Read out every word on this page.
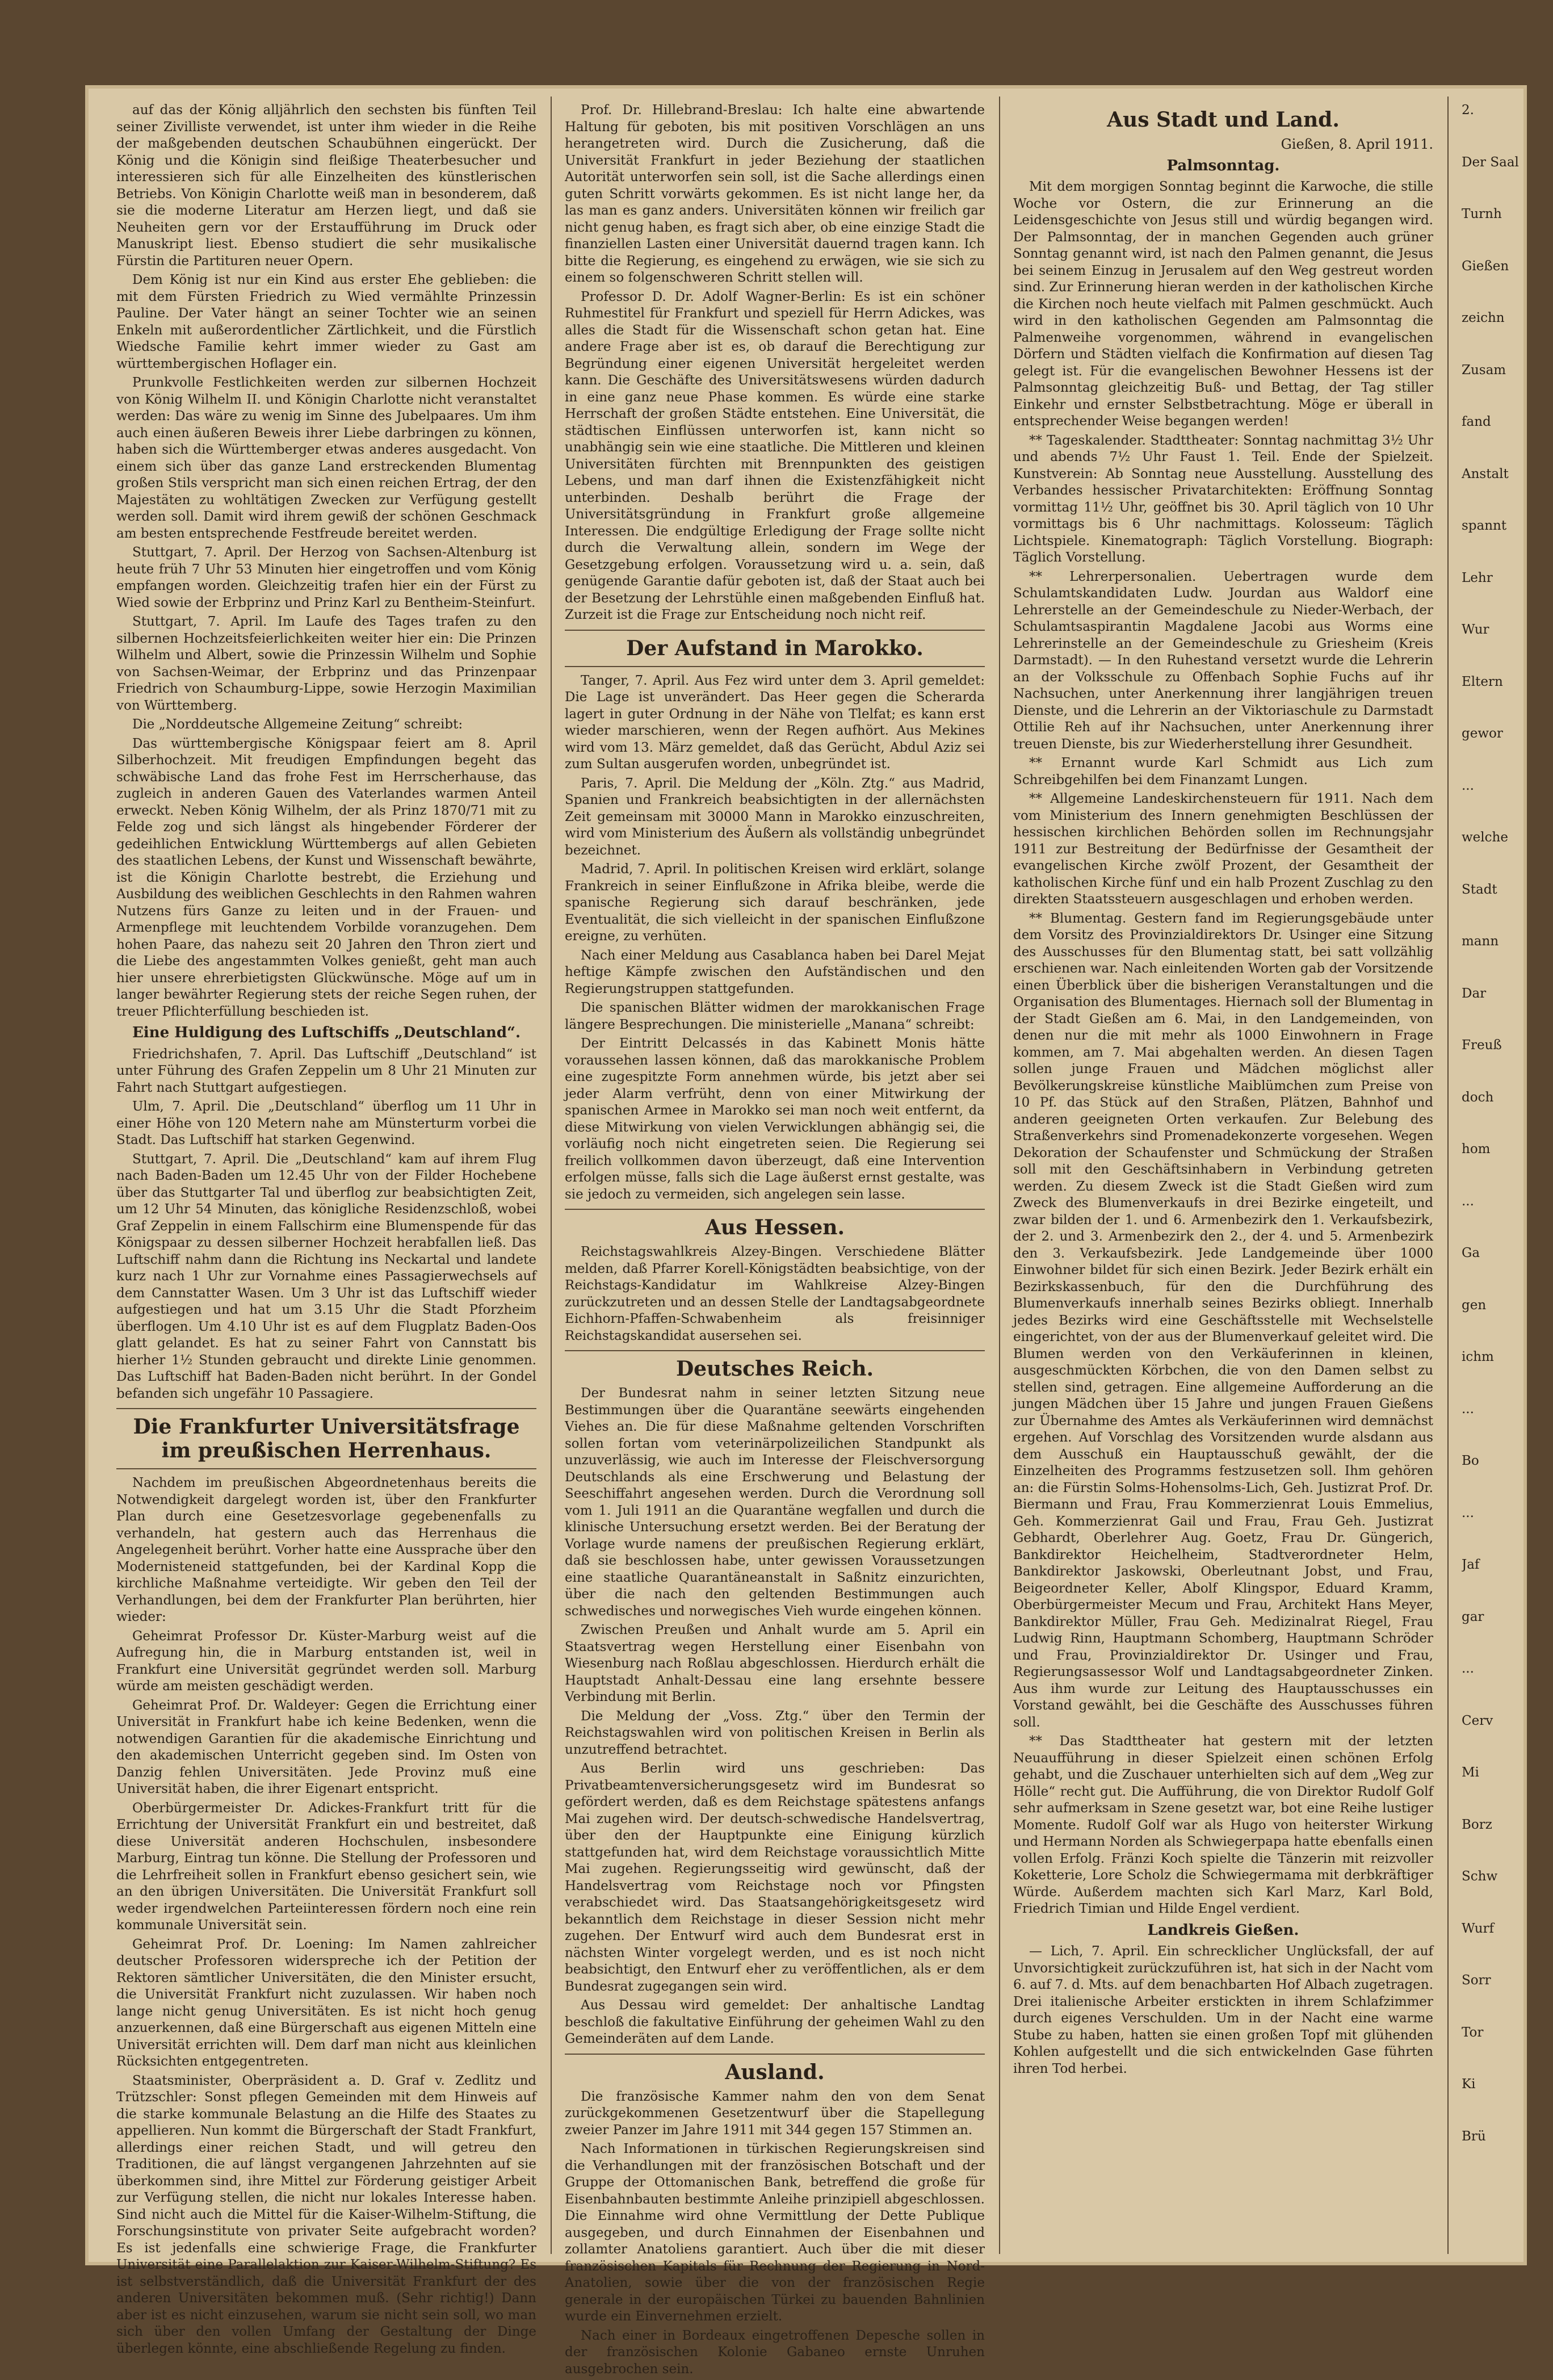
auf das der König alljährlich den sechsten bis fünften Teil seiner Zivilliste verwendet, ist unter ihm wieder in die Reihe der maßgebenden deutschen Schaubühnen eingerückt. Der König und die Königin sind fleißige Theaterbesucher und interessieren sich für alle Einzelheiten des künstlerischen Betriebs. Von Königin Charlotte weiß man in besonderem, daß sie die moderne Literatur am Herzen liegt, und daß sie Neuheiten gern vor der Erstaufführung im Druck oder Manuskript liest. Ebenso studiert die sehr musikalische Fürstin die Partituren neuer Opern.

Dem König ist nur ein Kind aus erster Ehe geblieben: die mit dem Fürsten Friedrich zu Wied vermählte Prinzessin Pauline. Der Vater hängt an seiner Tochter wie an seinen Enkeln mit außerordentlicher Zärtlichkeit, und die Fürstlich Wiedsche Familie kehrt immer wieder zu Gast am württembergischen Hoflager ein.

Prunkvolle Festlichkeiten werden zur silbernen Hochzeit von König Wilhelm II. und Königin Charlotte nicht veranstaltet werden: Das wäre zu wenig im Sinne des Jubelpaares. Um ihm auch einen äußeren Beweis ihrer Liebe darbringen zu können, haben sich die Württemberger etwas anderes ausgedacht. Von einem sich über das ganze Land erstreckenden Blumentag großen Stils verspricht man sich einen reichen Ertrag, der den Majestäten zu wohltätigen Zwecken zur Verfügung gestellt werden soll. Damit wird ihrem gewiß der schönen Geschmack am besten entsprechende Festfreude bereitet werden.

Stuttgart, 7. April. Der Herzog von Sachsen-Altenburg ist heute früh 7 Uhr 53 Minuten hier eingetroffen und vom König empfangen worden. Gleichzeitig trafen hier ein der Fürst zu Wied sowie der Erbprinz und Prinz Karl zu Bentheim-Steinfurt.

Stuttgart, 7. April. Im Laufe des Tages trafen zu den silbernen Hochzeitsfeierlichkeiten weiter hier ein: Die Prinzen Wilhelm und Albert, sowie die Prinzessin Wilhelm und Sophie von Sachsen-Weimar, der Erbprinz und das Prinzenpaar Friedrich von Schaumburg-Lippe, sowie Herzogin Maximilian von Württemberg.

Die „Norddeutsche Allgemeine Zeitung“ schreibt:

Das württembergische Königspaar feiert am 8. April Silberhochzeit. Mit freudigen Empfindungen begeht das schwäbische Land das frohe Fest im Herrscherhause, das zugleich in anderen Gauen des Vaterlandes warmen Anteil erweckt. Neben König Wilhelm, der als Prinz 1870/71 mit zu Felde zog und sich längst als hingebender Förderer der gedeihlichen Entwicklung Württembergs auf allen Gebieten des staatlichen Lebens, der Kunst und Wissenschaft bewährte, ist die Königin Charlotte bestrebt, die Erziehung und Ausbildung des weiblichen Geschlechts in den Rahmen wahren Nutzens fürs Ganze zu leiten und in der Frauen- und Armenpflege mit leuchtendem Vorbilde voranzugehen. Dem hohen Paare, das nahezu seit 20 Jahren den Thron ziert und die Liebe des angestammten Volkes genießt, geht man auch hier unsere ehrerbietigsten Glückwünsche. Möge auf um in langer bewährter Regierung stets der reiche Segen ruhen, der treuer Pflichterfüllung beschieden ist.

Eine Huldigung des Luftschiffs „Deutschland“.

Friedrichshafen, 7. April. Das Luftschiff „Deutschland“ ist unter Führung des Grafen Zeppelin um 8 Uhr 21 Minuten zur Fahrt nach Stuttgart aufgestiegen.

Ulm, 7. April. Die „Deutschland“ überflog um 11 Uhr in einer Höhe von 120 Metern nahe am Münsterturm vorbei die Stadt. Das Luftschiff hat starken Gegenwind.

Stuttgart, 7. April. Die „Deutschland“ kam auf ihrem Flug nach Baden-Baden um 12.45 Uhr von der Filder Hochebene über das Stuttgarter Tal und überflog zur beabsichtigten Zeit, um 12 Uhr 54 Minuten, das königliche Residenzschloß, wobei Graf Zeppelin in einem Fallschirm eine Blumenspende für das Königspaar zu dessen silberner Hochzeit herabfallen ließ. Das Luftschiff nahm dann die Richtung ins Neckartal und landete kurz nach 1 Uhr zur Vornahme eines Passagierwechsels auf dem Cannstatter Wasen. Um 3 Uhr ist das Luftschiff wieder aufgestiegen und hat um 3.15 Uhr die Stadt Pforzheim überflogen. Um 4.10 Uhr ist es auf dem Flugplatz Baden-Oos glatt gelandet. Es hat zu seiner Fahrt von Cannstatt bis hierher 1½ Stunden gebraucht und direkte Linie genommen. Das Luftschiff hat Baden-Baden nicht berührt. In der Gondel befanden sich ungefähr 10 Passagiere.

Die Frankfurter Universitätsfrage im preußischen Herrenhaus.

Nachdem im preußischen Abgeordnetenhaus bereits die Notwendigkeit dargelegt worden ist, über den Frankfurter Plan durch eine Gesetzesvorlage gegebenenfalls zu verhandeln, hat gestern auch das Herrenhaus die Angelegenheit berührt. Vorher hatte eine Aussprache über den Modernisteneid stattgefunden, bei der Kardinal Kopp die kirchliche Maßnahme verteidigte. Wir geben den Teil der Verhandlungen, bei dem der Frankfurter Plan berührten, hier wieder:

Geheimrat Professor Dr. Küster-Marburg weist auf die Aufregung hin, die in Marburg entstanden ist, weil in Frankfurt eine Universität gegründet werden soll. Marburg würde am meisten geschädigt werden.

Geheimrat Prof. Dr. Waldeyer: Gegen die Errichtung einer Universität in Frankfurt habe ich keine Bedenken, wenn die notwendigen Garantien für die akademische Einrichtung und den akademischen Unterricht gegeben sind. Im Osten von Danzig fehlen Universitäten. Jede Provinz muß eine Universität haben, die ihrer Eigenart entspricht.

Oberbürgermeister Dr. Adickes-Frankfurt tritt für die Errichtung der Universität Frankfurt ein und bestreitet, daß diese Universität anderen Hochschulen, insbesondere Marburg, Eintrag tun könne. Die Stellung der Professoren und die Lehrfreiheit sollen in Frankfurt ebenso gesichert sein, wie an den übrigen Universitäten. Die Universität Frankfurt soll weder irgendwelchen Parteiinteressen fördern noch eine rein kommunale Universität sein.

Geheimrat Prof. Dr. Loening: Im Namen zahlreicher deutscher Professoren widerspreche ich der Petition der Rektoren sämtlicher Universitäten, die den Minister ersucht, die Universität Frankfurt nicht zuzulassen. Wir haben noch lange nicht genug Universitäten. Es ist nicht hoch genug anzuerkennen, daß eine Bürgerschaft aus eigenen Mitteln eine Universität errichten will. Dem darf man nicht aus kleinlichen Rücksichten entgegentreten.

Staatsminister, Oberpräsident a. D. Graf v. Zedlitz und Trützschler: Sonst pflegen Gemeinden mit dem Hinweis auf die starke kommunale Belastung an die Hilfe des Staates zu appellieren. Nun kommt die Bürgerschaft der Stadt Frankfurt, allerdings einer reichen Stadt, und will getreu den Traditionen, die auf längst vergangenen Jahrzehnten auf sie überkommen sind, ihre Mittel zur Förderung geistiger Arbeit zur Verfügung stellen, die nicht nur lokales Interesse haben. Sind nicht auch die Mittel für die Kaiser-Wilhelm-Stiftung, die Forschungsinstitute von privater Seite aufgebracht worden? Es ist jedenfalls eine schwierige Frage, die Frankfurter Universität eine Parallelaktion zur Kaiser-Wilhelm-Stiftung? Es ist selbstverständlich, daß die Universität Frankfurt der des anderen Universitäten bekommen muß. (Sehr richtig!) Dann aber ist es nicht einzusehen, warum sie nicht sein soll, wo man sich über den vollen Umfang der Gestaltung der Dinge überlegen könnte, eine abschließende Regelung zu finden.

Prof. Dr. Hillebrand-Breslau: Ich halte eine abwartende Haltung für geboten, bis mit positiven Vorschlägen an uns herangetreten wird. Durch die Zusicherung, daß die Universität Frankfurt in jeder Beziehung der staatlichen Autorität unterworfen sein soll, ist die Sache allerdings einen guten Schritt vorwärts gekommen. Es ist nicht lange her, da las man es ganz anders. Universitäten können wir freilich gar nicht genug haben, es fragt sich aber, ob eine einzige Stadt die finanziellen Lasten einer Universität dauernd tragen kann. Ich bitte die Regierung, es eingehend zu erwägen, wie sie sich zu einem so folgenschweren Schritt stellen will.

Professor D. Dr. Adolf Wagner-Berlin: Es ist ein schöner Ruhmestitel für Frankfurt und speziell für Herrn Adickes, was alles die Stadt für die Wissenschaft schon getan hat. Eine andere Frage aber ist es, ob darauf die Berechtigung zur Begründung einer eigenen Universität hergeleitet werden kann. Die Geschäfte des Universitätswesens würden dadurch in eine ganz neue Phase kommen. Es würde eine starke Herrschaft der großen Städte entstehen. Eine Universität, die städtischen Einflüssen unterworfen ist, kann nicht so unabhängig sein wie eine staatliche. Die Mittleren und kleinen Universitäten fürchten mit Brennpunkten des geistigen Lebens, und man darf ihnen die Existenzfähigkeit nicht unterbinden. Deshalb berührt die Frage der Universitätsgründung in Frankfurt große allgemeine Interessen. Die endgültige Erledigung der Frage sollte nicht durch die Verwaltung allein, sondern im Wege der Gesetzgebung erfolgen. Voraussetzung wird u. a. sein, daß genügende Garantie dafür geboten ist, daß der Staat auch bei der Besetzung der Lehrstühle einen maßgebenden Einfluß hat. Zurzeit ist die Frage zur Entscheidung noch nicht reif.

Der Aufstand in Marokko.

Tanger, 7. April. Aus Fez wird unter dem 3. April gemeldet: Die Lage ist unverändert. Das Heer gegen die Scherarda lagert in guter Ordnung in der Nähe von Tlelfat; es kann erst wieder marschieren, wenn der Regen aufhört. Aus Mekines wird vom 13. März gemeldet, daß das Gerücht, Abdul Aziz sei zum Sultan ausgerufen worden, unbegründet ist.

Paris, 7. April. Die Meldung der „Köln. Ztg.“ aus Madrid, Spanien und Frankreich beabsichtigten in der allernächsten Zeit gemeinsam mit 30000 Mann in Marokko einzuschreiten, wird vom Ministerium des Äußern als vollständig unbegründet bezeichnet.

Madrid, 7. April. In politischen Kreisen wird erklärt, solange Frankreich in seiner Einflußzone in Afrika bleibe, werde die spanische Regierung sich darauf beschränken, jede Eventualität, die sich vielleicht in der spanischen Einflußzone ereigne, zu verhüten.

Nach einer Meldung aus Casablanca haben bei Darel Mejat heftige Kämpfe zwischen den Aufständischen und den Regierungstruppen stattgefunden.

Die spanischen Blätter widmen der marokkanischen Frage längere Besprechungen. Die ministerielle „Manana“ schreibt:

Der Eintritt Delcassés in das Kabinett Monis hätte voraussehen lassen können, daß das marokkanische Problem eine zugespitzte Form annehmen würde, bis jetzt aber sei jeder Alarm verfrüht, denn von einer Mitwirkung der spanischen Armee in Marokko sei man noch weit entfernt, da diese Mitwirkung von vielen Verwicklungen abhängig sei, die vorläufig noch nicht eingetreten seien. Die Regierung sei freilich vollkommen davon überzeugt, daß eine Intervention erfolgen müsse, falls sich die Lage äußerst ernst gestalte, was sie jedoch zu vermeiden, sich angelegen sein lasse.

Aus Hessen.

Reichstagswahlkreis Alzey-Bingen. Verschiedene Blätter melden, daß Pfarrer Korell-Königstädten beabsichtige, von der Reichstags-Kandidatur im Wahlkreise Alzey-Bingen zurückzutreten und an dessen Stelle der Landtagsabgeordnete Eichhorn-Pfaffen-Schwabenheim als freisinniger Reichstagskandidat ausersehen sei.

Deutsches Reich.

Der Bundesrat nahm in seiner letzten Sitzung neue Bestimmungen über die Quarantäne seewärts eingehenden Viehes an. Die für diese Maßnahme geltenden Vorschriften sollen fortan vom veterinärpolizeilichen Standpunkt als unzuverlässig, wie auch im Interesse der Fleischversorgung Deutschlands als eine Erschwerung und Belastung der Seeschiffahrt angesehen werden. Durch die Verordnung soll vom 1. Juli 1911 an die Quarantäne wegfallen und durch die klinische Untersuchung ersetzt werden. Bei der Beratung der Vorlage wurde namens der preußischen Regierung erklärt, daß sie beschlossen habe, unter gewissen Voraussetzungen eine staatliche Quarantäneanstalt in Saßnitz einzurichten, über die nach den geltenden Bestimmungen auch schwedisches und norwegisches Vieh wurde eingehen können.

Zwischen Preußen und Anhalt wurde am 5. April ein Staatsvertrag wegen Herstellung einer Eisenbahn von Wiesenburg nach Roßlau abgeschlossen. Hierdurch erhält die Hauptstadt Anhalt-Dessau eine lang ersehnte bessere Verbindung mit Berlin.

Die Meldung der „Voss. Ztg.“ über den Termin der Reichstagswahlen wird von politischen Kreisen in Berlin als unzutreffend betrachtet.

Aus Berlin wird uns geschrieben: Das Privatbeamtenversicherungsgesetz wird im Bundesrat so gefördert werden, daß es dem Reichstage spätestens anfangs Mai zugehen wird. Der deutsch-schwedische Handelsvertrag, über den der Hauptpunkte eine Einigung kürzlich stattgefunden hat, wird dem Reichstage voraussichtlich Mitte Mai zugehen. Regierungsseitig wird gewünscht, daß der Handelsvertrag vom Reichstage noch vor Pfingsten verabschiedet wird. Das Staatsangehörigkeitsgesetz wird bekanntlich dem Reichstage in dieser Session nicht mehr zugehen. Der Entwurf wird auch dem Bundesrat erst in nächsten Winter vorgelegt werden, und es ist noch nicht beabsichtigt, den Entwurf eher zu veröffentlichen, als er dem Bundesrat zugegangen sein wird.

Aus Dessau wird gemeldet: Der anhaltische Landtag beschloß die fakultative Einführung der geheimen Wahl zu den Gemeinderäten auf dem Lande.

Ausland.

Die französische Kammer nahm den von dem Senat zurückgekommenen Gesetzentwurf über die Stapellegung zweier Panzer im Jahre 1911 mit 344 gegen 157 Stimmen an.

Nach Informationen in türkischen Regierungskreisen sind die Verhandlungen mit der französischen Botschaft und der Gruppe der Ottomanischen Bank, betreffend die große für Eisenbahnbauten bestimmte Anleihe prinzipiell abgeschlossen. Die Einnahme wird ohne Vermittlung der Dette Publique ausgegeben, und durch Einnahmen der Eisenbahnen und zollamter Anatoliens garantiert. Auch über die mit dieser französischen Kapitals für Rechnung der Regierung in Nord-Anatolien, sowie über die von der französischen Regie generale in der europäischen Türkei zu bauenden Bahnlinien wurde ein Einvernehmen erzielt.

Nach einer in Bordeaux eingetroffenen Depesche sollen in der französischen Kolonie Gabaneo ernste Unruhen ausgebrochen sein.

Aus Stadt und Land.

Gießen, 8. April 1911.

Palmsonntag.

Mit dem morgigen Sonntag beginnt die Karwoche, die stille Woche vor Ostern, die zur Erinnerung an die Leidensgeschichte von Jesus still und würdig begangen wird. Der Palmsonntag, der in manchen Gegenden auch grüner Sonntag genannt wird, ist nach den Palmen genannt, die Jesus bei seinem Einzug in Jerusalem auf den Weg gestreut worden sind. Zur Erinnerung hieran werden in der katholischen Kirche die Kirchen noch heute vielfach mit Palmen geschmückt. Auch wird in den katholischen Gegenden am Palmsonntag die Palmenweihe vorgenommen, während in evangelischen Dörfern und Städten vielfach die Konfirmation auf diesen Tag gelegt ist. Für die evangelischen Bewohner Hessens ist der Palmsonntag gleichzeitig Buß- und Bettag, der Tag stiller Einkehr und ernster Selbstbetrachtung. Möge er überall in entsprechender Weise begangen werden!

** Tageskalender. Stadttheater: Sonntag nachmittag 3½ Uhr und abends 7½ Uhr Faust 1. Teil. Ende der Spielzeit. Kunstverein: Ab Sonntag neue Ausstellung. Ausstellung des Verbandes hessischer Privatarchitekten: Eröffnung Sonntag vormittag 11½ Uhr, geöffnet bis 30. April täglich von 10 Uhr vormittags bis 6 Uhr nachmittags. Kolosseum: Täglich Lichtspiele. Kinematograph: Täglich Vorstellung. Biograph: Täglich Vorstellung.

** Lehrerpersonalien. Uebertragen wurde dem Schulamtskandidaten Ludw. Jourdan aus Waldorf eine Lehrerstelle an der Gemeindeschule zu Nieder-Werbach, der Schulamtsaspirantin Magdalene Jacobi aus Worms eine Lehrerinstelle an der Gemeindeschule zu Griesheim (Kreis Darmstadt). — In den Ruhestand versetzt wurde die Lehrerin an der Volksschule zu Offenbach Sophie Fuchs auf ihr Nachsuchen, unter Anerkennung ihrer langjährigen treuen Dienste, und die Lehrerin an der Viktoriaschule zu Darmstadt Ottilie Reh auf ihr Nachsuchen, unter Anerkennung ihrer treuen Dienste, bis zur Wiederherstellung ihrer Gesundheit.

** Ernannt wurde Karl Schmidt aus Lich zum Schreibgehilfen bei dem Finanzamt Lungen.

** Allgemeine Landeskirchensteuern für 1911. Nach dem vom Ministerium des Innern genehmigten Beschlüssen der hessischen kirchlichen Behörden sollen im Rechnungsjahr 1911 zur Bestreitung der Bedürfnisse der Gesamtheit der evangelischen Kirche zwölf Prozent, der Gesamtheit der katholischen Kirche fünf und ein halb Prozent Zuschlag zu den direkten Staatssteuern ausgeschlagen und erhoben werden.

** Blumentag. Gestern fand im Regierungsgebäude unter dem Vorsitz des Provinzialdirektors Dr. Usinger eine Sitzung des Ausschusses für den Blumentag statt, bei satt vollzählig erschienen war. Nach einleitenden Worten gab der Vorsitzende einen Überblick über die bisherigen Veranstaltungen und die Organisation des Blumentages. Hiernach soll der Blumentag in der Stadt Gießen am 6. Mai, in den Landgemeinden, von denen nur die mit mehr als 1000 Einwohnern in Frage kommen, am 7. Mai abgehalten werden. An diesen Tagen sollen junge Frauen und Mädchen möglichst aller Bevölkerungskreise künstliche Maiblümchen zum Preise von 10 Pf. das Stück auf den Straßen, Plätzen, Bahnhof und anderen geeigneten Orten verkaufen. Zur Belebung des Straßenverkehrs sind Promenadekonzerte vorgesehen. Wegen Dekoration der Schaufenster und Schmückung der Straßen soll mit den Geschäftsinhabern in Verbindung getreten werden. Zu diesem Zweck ist die Stadt Gießen wird zum Zweck des Blumenverkaufs in drei Bezirke eingeteilt, und zwar bilden der 1. und 6. Armenbezirk den 1. Verkaufsbezirk, der 2. und 3. Armenbezirk den 2., der 4. und 5. Armenbezirk den 3. Verkaufsbezirk. Jede Landgemeinde über 1000 Einwohner bildet für sich einen Bezirk. Jeder Bezirk erhält ein Bezirkskassenbuch, für den die Durchführung des Blumenverkaufs innerhalb seines Bezirks obliegt. Innerhalb jedes Bezirks wird eine Geschäftsstelle mit Wechselstelle eingerichtet, von der aus der Blumenverkauf geleitet wird. Die Blumen werden von den Verkäuferinnen in kleinen, ausgeschmückten Körbchen, die von den Damen selbst zu stellen sind, getragen. Eine allgemeine Aufforderung an die jungen Mädchen über 15 Jahre und jungen Frauen Gießens zur Übernahme des Amtes als Verkäuferinnen wird demnächst ergehen. Auf Vorschlag des Vorsitzenden wurde alsdann aus dem Ausschuß ein Hauptausschuß gewählt, der die Einzelheiten des Programms festzusetzen soll. Ihm gehören an: die Fürstin Solms-Hohensolms-Lich, Geh. Justizrat Prof. Dr. Biermann und Frau, Frau Kommerzienrat Louis Emmelius, Geh. Kommerzienrat Gail und Frau, Frau Geh. Justizrat Gebhardt, Oberlehrer Aug. Goetz, Frau Dr. Güngerich, Bankdirektor Heichelheim, Stadtverordneter Helm, Bankdirektor Jaskowski, Oberleutnant Jobst, und Frau, Beigeordneter Keller, Abolf Klingspor, Eduard Kramm, Oberbürgermeister Mecum und Frau, Architekt Hans Meyer, Bankdirektor Müller, Frau Geh. Medizinalrat Riegel, Frau Ludwig Rinn, Hauptmann Schomberg, Hauptmann Schröder und Frau, Provinzialdirektor Dr. Usinger und Frau, Regierungsassessor Wolf und Landtagsabgeordneter Zinken. Aus ihm wurde zur Leitung des Hauptausschusses ein Vorstand gewählt, bei die Geschäfte des Ausschusses führen soll.

** Das Stadttheater hat gestern mit der letzten Neuaufführung in dieser Spielzeit einen schönen Erfolg gehabt, und die Zuschauer unterhielten sich auf dem „Weg zur Hölle“ recht gut. Die Aufführung, die von Direktor Rudolf Golf sehr aufmerksam in Szene gesetzt war, bot eine Reihe lustiger Momente. Rudolf Golf war als Hugo von heiterster Wirkung und Hermann Norden als Schwiegerpapa hatte ebenfalls einen vollen Erfolg. Fränzi Koch spielte die Tänzerin mit reizvoller Koketterie, Lore Scholz die Schwiegermama mit derbkräftiger Würde. Außerdem machten sich Karl Marz, Karl Bold, Friedrich Timian und Hilde Engel verdient.

Landkreis Gießen.

— Lich, 7. April. Ein schrecklicher Unglücksfall, der auf Unvorsichtigkeit zurückzuführen ist, hat sich in der Nacht vom 6. auf 7. d. Mts. auf dem benachbarten Hof Albach zugetragen. Drei italienische Arbeiter erstickten in ihrem Schlafzimmer durch eigenes Verschulden. Um in der Nacht eine warme Stube zu haben, hatten sie einen großen Topf mit glühenden Kohlen aufgestellt und die sich entwickelnden Gase führten ihren Tod herbei.

2.

Der Saal

Turnh

Gießen

zeichn

Zusam

fand

Anstalt

spannt

Lehr

Wur

Eltern

gewor

...

welche

Stadt

mann

Dar

Freuß

doch

hom

...

Ga

gen

ichm

...

Bo

...

Jaf

gar

...

Cerv

Mi

Borz

Schw

Wurf

Sorr

Tor

Ki

Brü
